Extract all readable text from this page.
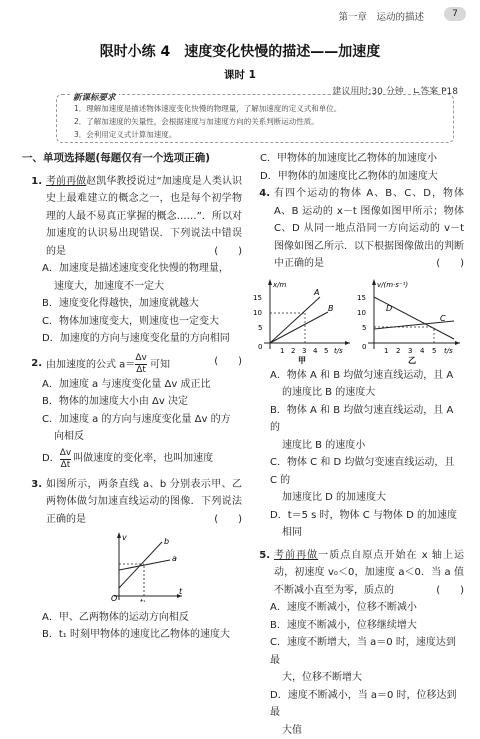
第一章　运动的描述	7
限时小练 4　速度变化快慢的描述——加速度
课时 1
建议用时:30 分钟　∟答案 P18
新课标要求
1．理解加速度是描述物体速度变化快慢的物理量，了解加速度的定义式和单位。
2．了解加速度的矢量性，会根据速度与加速度方向的关系判断运动性质。
3．会利用定义式计算加速度。
一、单项选择题(每题仅有一个选项正确)
1. 考前再做赵凯华教授说过“加速度是人类认识史上最难建立的概念之一，也是每个初学物理的人最不易真正掌握的概念……”．所以对加速度的认识易出现错误．下列说法中错误的是	(　　)
A．加速度是描述速度变化快慢的物理量，
速度大，加速度不一定大
B．速度变化得越快，加速度就越大
C．物体加速度变大，则速度也一定变大
D．加速度的方向与速度变化量的方向相同
2. 由加速度的公式 $a= \frac{\Delta v}{\Delta t}$ 可知	(　　)
A．加速度 a 与速度变化量 Δv 成正比
B．物体的加速度大小由 Δv 决定
C．加速度 a 的方向与速度变化量 Δv 的方
向相反
D．
Δv
Δt
叫做速度的变化率，也叫加速度
3. 如图所示，两条直线 a、b 分别表示甲、乙两物体做匀加速直线运动的图像．下列说法正确的是	(　　)
v
t
O	t₁
a
b
A．甲、乙两物体的运动方向相反
B．t₁ 时刻甲物体的速度比乙物体的速度大
C．甲物体的加速度比乙物体的加速度小
D．甲物体的加速度比乙物体的加速度大
4. 有四个运动的物体 A、B、C、D，物体 A、B 运动的 x－t 图像如图甲所示；物体 C、D 从同一地点沿同一方向运动的 v－t 图像如图乙所示．以下根据图像做出的判断中正确的是	(　　)
x/m
t/s
15
10
5
0	1 2 3 4 5
A
B
甲
v/(m·s⁻¹)
t/s
15
10
5
0	1 2 3 4 5
D
C
乙
A．物体 A 和 B 均做匀速直线运动，且 A
的速度比 B 的速度大
B．物体 A 和 B 均做匀速直线运动，且 A 的
速度比 B 的速度小
C．物体 C 和 D 均做匀变速直线运动，且 C 的
加速度比 D 的加速度大
D．t＝5 s 时，物体 C 与物体 D 的加速度
相同
5. 考前再做一质点自原点开始在 x 轴上运动，初速度 v₀＜0，加速度 a＜0．当 a 值不断减小直至为零，质点的	(　　)
A．速度不断减小，位移不断减小
B．速度不断减小，位移继续增大
C．速度不断增大，当 a＝0 时，速度达到最
大，位移不断增大
D．速度不断减小，当 a＝0 时，位移达到最
大值
